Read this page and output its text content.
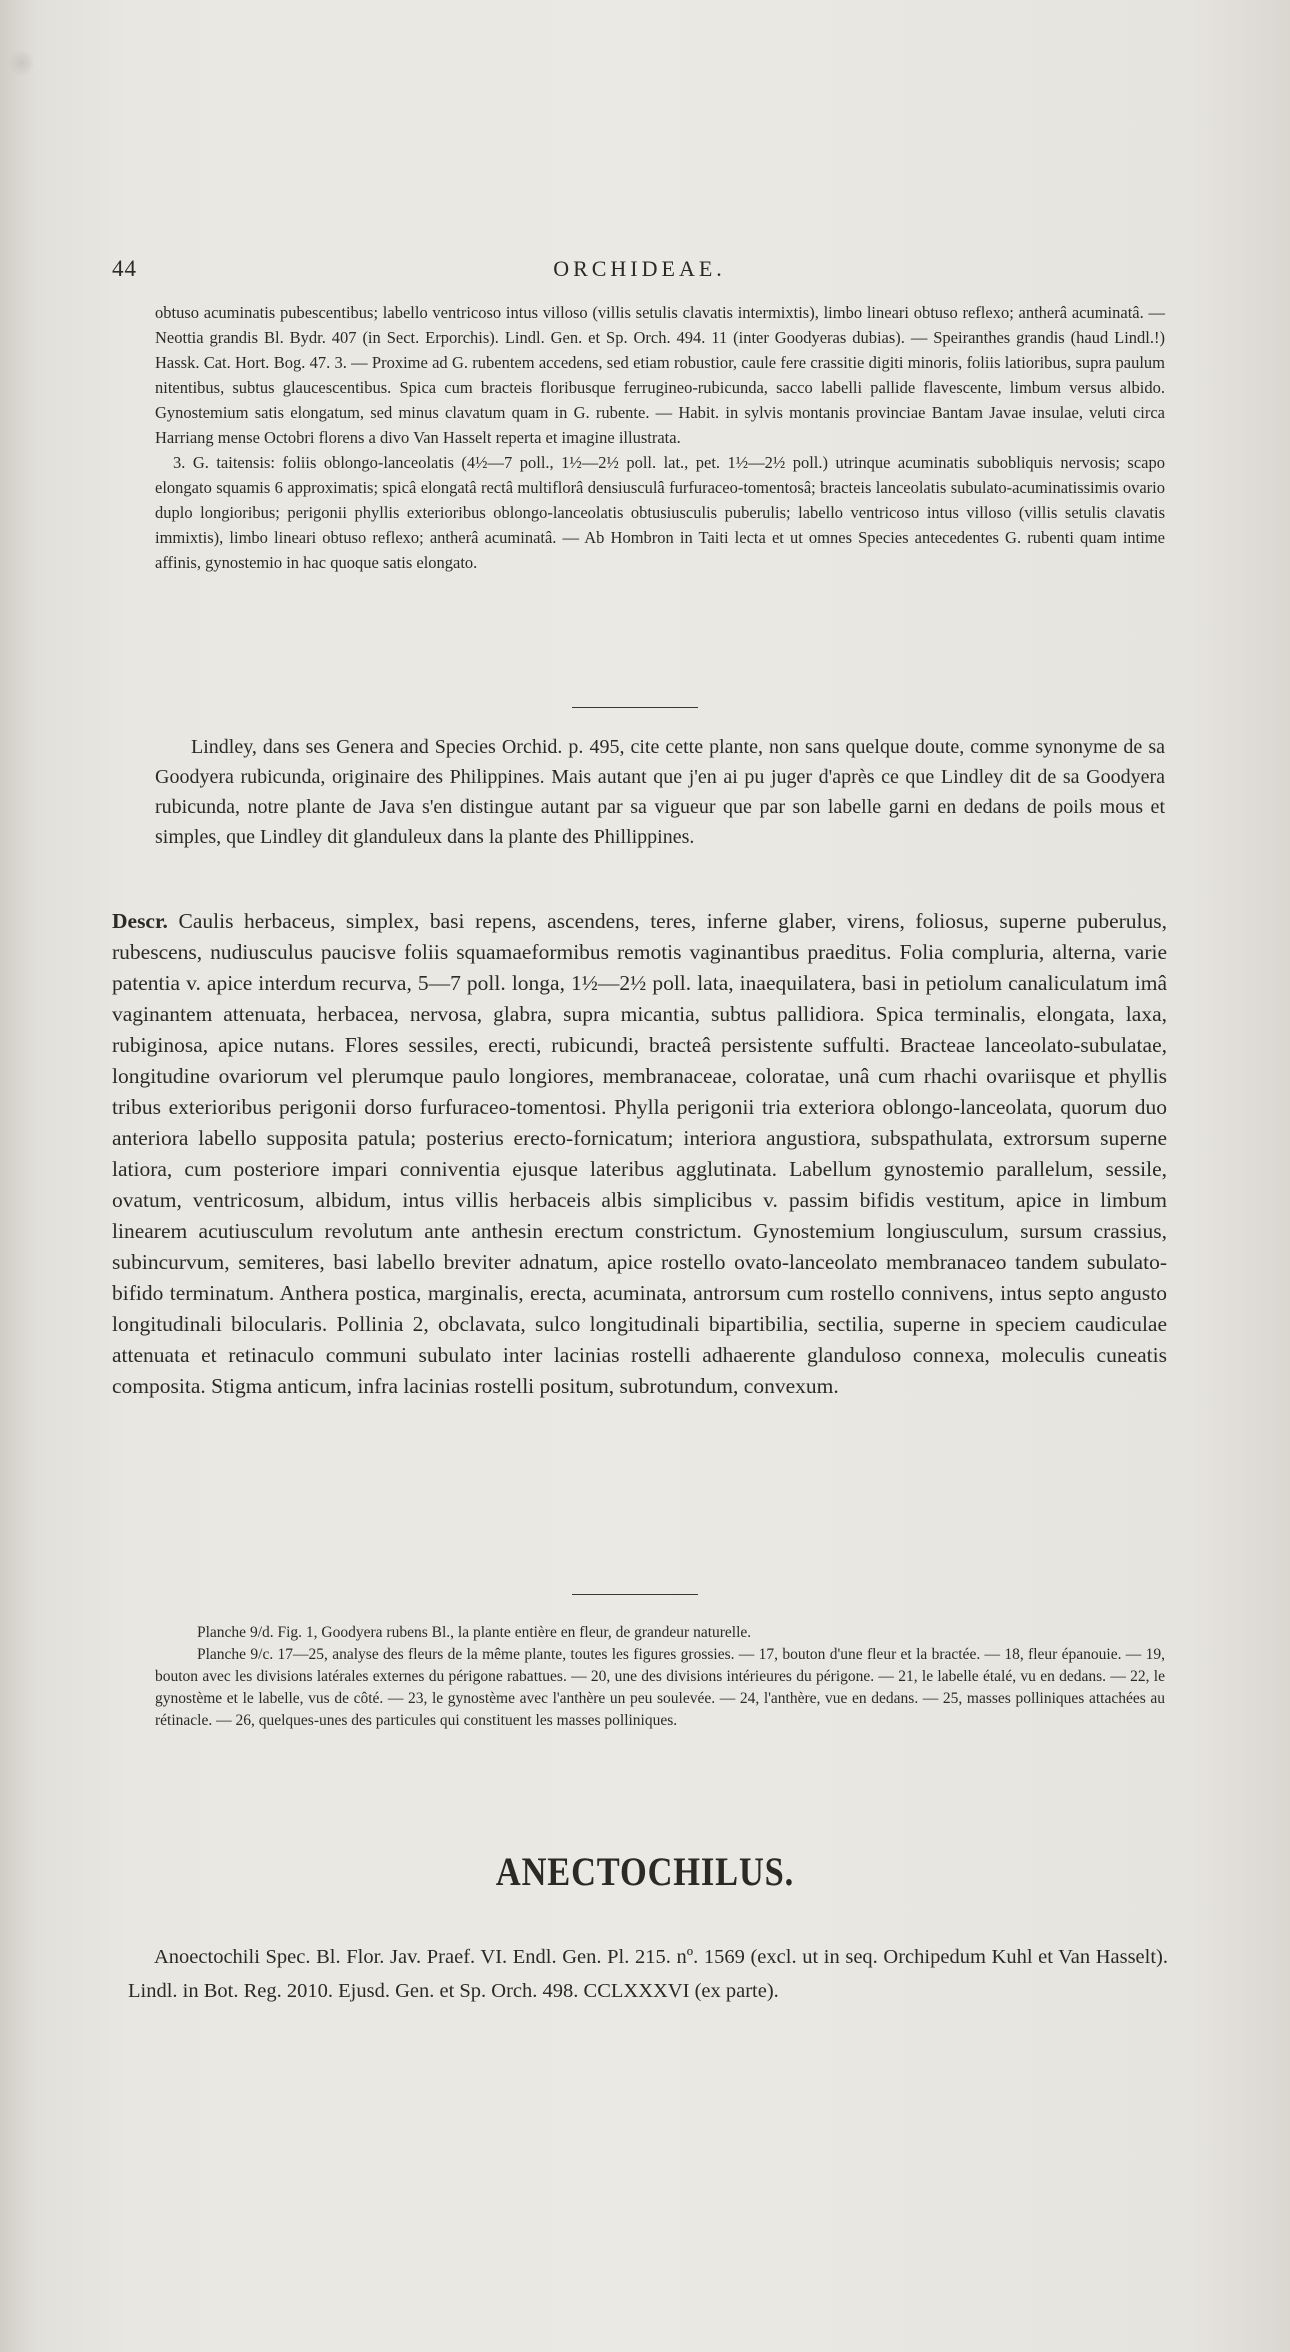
44	ORCHIDEAE.

obtuso acuminatis pubescentibus; labello ventricoso intus villoso (villis setulis clavatis intermixtis), limbo lineari obtuso reflexo; antherâ acuminatâ. — Neottia grandis Bl. Bydr. 407 (in Sect. Erporchis). Lindl. Gen. et Sp. Orch. 494. 11 (inter Goodyeras dubias). — Speiranthes grandis (haud Lindl.!) Hassk. Cat. Hort. Bog. 47. 3. — Proxime ad G. rubentem accedens, sed etiam robustior, caule fere crassitie digiti minoris, foliis latioribus, supra paulum nitentibus, subtus glaucescentibus. Spica cum bracteis floribusque ferrugineo-rubicunda, sacco labelli pallide flavescente, limbum versus albido. Gynostemium satis elongatum, sed minus clavatum quam in G. rubente. — Habit. in sylvis montanis provinciae Bantam Javae insulae, veluti circa Harriang mense Octobri florens a divo Van Hasselt reperta et imagine illustrata.

3. G. taitensis: foliis oblongo-lanceolatis (4½—7 poll., 1½—2½ poll. lat., pet. 1½—2½ poll.) utrinque acuminatis subobliquis nervosis; scapo elongato squamis 6 approximatis; spicâ elongatâ rectâ multiflorâ densiusculâ furfuraceo-tomentosâ; bracteis lanceolatis subulato-acuminatissimis ovario duplo longioribus; perigonii phyllis exterioribus oblongo-lanceolatis obtusiusculis puberulis; labello ventricoso intus villoso (villis setulis clavatis immixtis), limbo lineari obtuso reflexo; antherâ acuminatâ. — Ab Hombron in Taiti lecta et ut omnes Species antecedentes G. rubenti quam intime affinis, gynostemio in hac quoque satis elongato.

Lindley, dans ses Genera and Species Orchid. p. 495, cite cette plante, non sans quelque doute, comme synonyme de sa Goodyera rubicunda, originaire des Philippines. Mais autant que j'en ai pu juger d'après ce que Lindley dit de sa Goodyera rubicunda, notre plante de Java s'en distingue autant par sa vigueur que par son labelle garni en dedans de poils mous et simples, que Lindley dit glanduleux dans la plante des Phillippines.

Descr. Caulis herbaceus, simplex, basi repens, ascendens, teres, inferne glaber, virens, foliosus, superne puberulus, rubescens, nudiusculus paucisve foliis squamaeformibus remotis vaginantibus praeditus. Folia compluria, alterna, varie patentia v. apice interdum recurva, 5—7 poll. longa, 1½—2½ poll. lata, inaequilatera, basi in petiolum canaliculatum imâ vaginantem attenuata, herbacea, nervosa, glabra, supra micantia, subtus pallidiora. Spica terminalis, elongata, laxa, rubiginosa, apice nutans. Flores sessiles, erecti, rubicundi, bracteâ persistente suffulti. Bracteae lanceolato-subulatae, longitudine ovariorum vel plerumque paulo longiores, membranaceae, coloratae, unâ cum rhachi ovariisque et phyllis tribus exterioribus perigonii dorso furfuraceo-tomentosi. Phylla perigonii tria exteriora oblongo-lanceolata, quorum duo anteriora labello supposita patula; posterius erecto-fornicatum; interiora angustiora, subspathulata, extrorsum superne latiora, cum posteriore impari conniventia ejusque lateribus agglutinata. Labellum gynostemio parallelum, sessile, ovatum, ventricosum, albidum, intus villis herbaceis albis simplicibus v. passim bifidis vestitum, apice in limbum linearem acutiusculum revolutum ante anthesin erectum constrictum. Gynostemium longiusculum, sursum crassius, subincurvum, semiteres, basi labello breviter adnatum, apice rostello ovato-lanceolato membranaceo tandem subulato-bifido terminatum. Anthera postica, marginalis, erecta, acuminata, antrorsum cum rostello connivens, intus septo angusto longitudinali bilocularis. Pollinia 2, obclavata, sulco longitudinali bipartibilia, sectilia, superne in speciem caudiculae attenuata et retinaculo communi subulato inter lacinias rostelli adhaerente glanduloso connexa, moleculis cuneatis composita. Stigma anticum, infra lacinias rostelli positum, subrotundum, convexum.

Planche 9/d. Fig. 1, Goodyera rubens Bl., la plante entière en fleur, de grandeur naturelle.

Planche 9/c. 17—25, analyse des fleurs de la même plante, toutes les figures grossies. — 17, bouton d'une fleur et la bractée. — 18, fleur épanouie. — 19, bouton avec les divisions latérales externes du périgone rabattues. — 20, une des divisions intérieures du périgone. — 21, le labelle étalé, vu en dedans. — 22, le gynostème et le labelle, vus de côté. — 23, le gynostème avec l'anthère un peu soulevée. — 24, l'anthère, vue en dedans. — 25, masses polliniques attachées au rétinacle. — 26, quelques-unes des particules qui constituent les masses polliniques.

ANECTOCHILUS.

Anoectochili Spec. Bl. Flor. Jav. Praef. VI. Endl. Gen. Pl. 215. nº. 1569 (excl. ut in seq. Orchipedum Kuhl et Van Hasselt). Lindl. in Bot. Reg. 2010. Ejusd. Gen. et Sp. Orch. 498. CCLXXXVI (ex parte).
